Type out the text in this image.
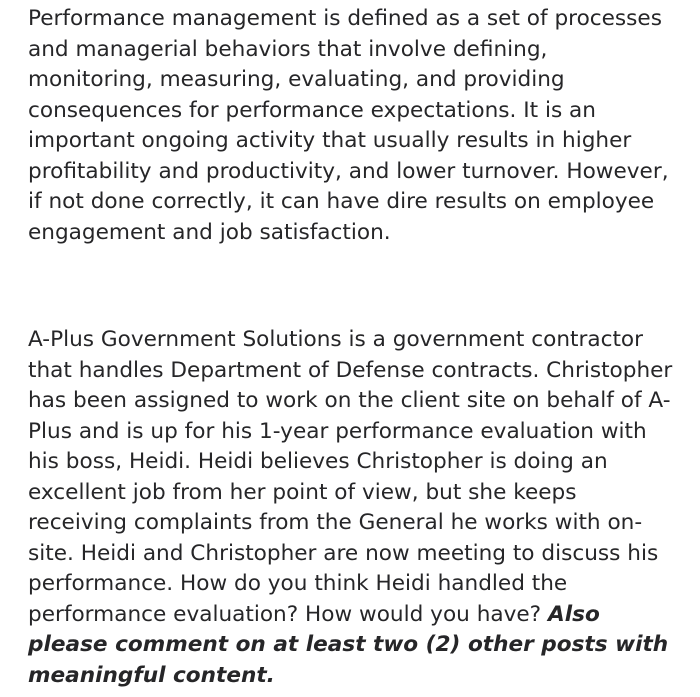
Performance management is defined as a set of processes and managerial behaviors that involve defining, monitoring, measuring, evaluating, and providing consequences for performance expectations. It is an important ongoing activity that usually results in higher profitability and productivity, and lower turnover. However, if not done correctly, it can have dire results on employee engagement and job satisfaction.

A-Plus Government Solutions is a government contractor that handles Department of Defense contracts. Christopher has been assigned to work on the client site on behalf of A-Plus and is up for his 1-year performance evaluation with his boss, Heidi. Heidi believes Christopher is doing an excellent job from her point of view, but she keeps receiving complaints from the General he works with on-site. Heidi and Christopher are now meeting to discuss his performance. How do you think Heidi handled the performance evaluation? How would you have? Also please comment on at least two (2) other posts with meaningful content.
